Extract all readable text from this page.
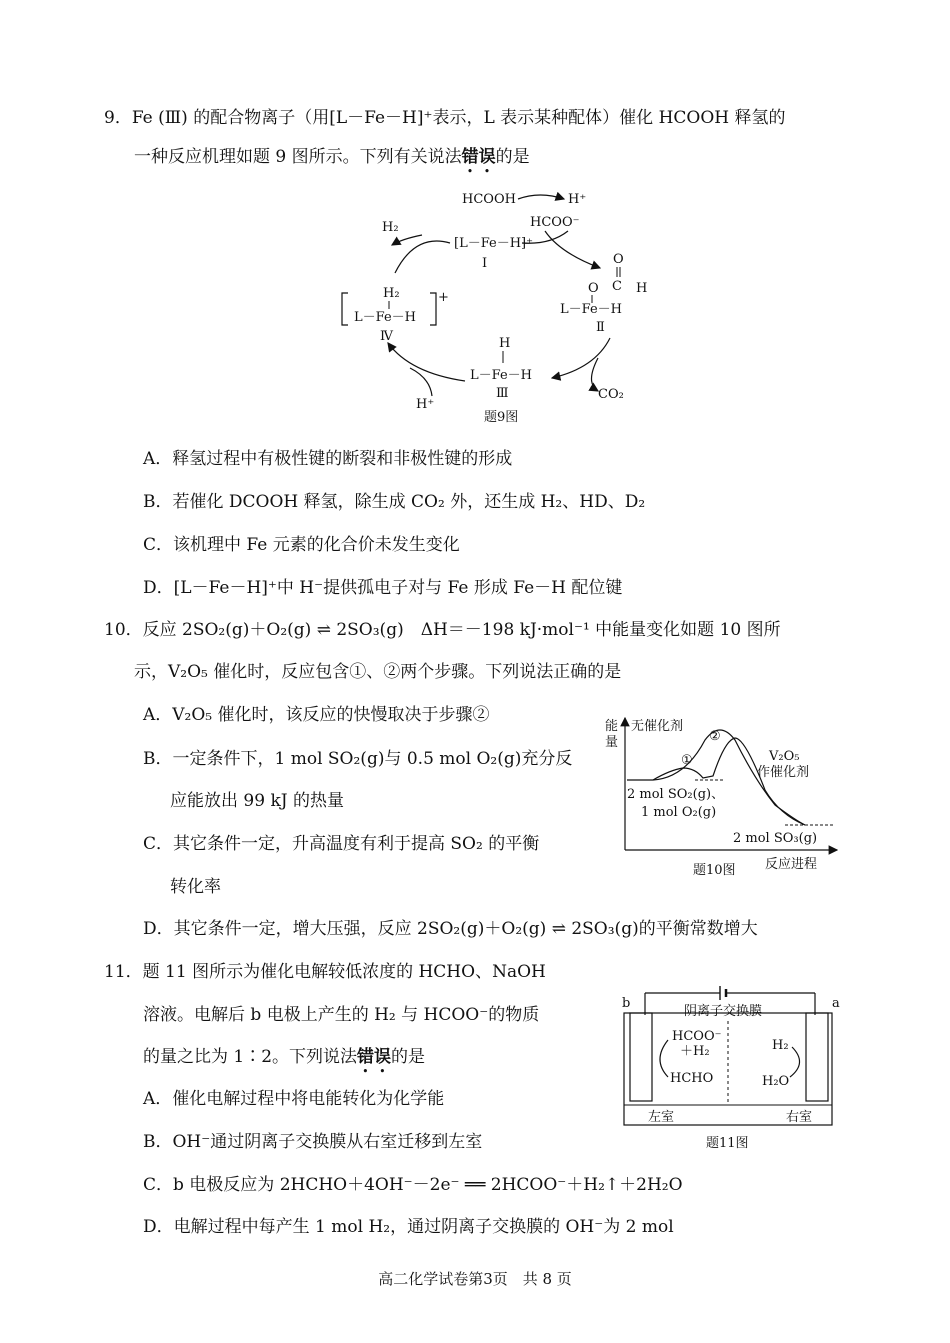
9．Fe (Ⅲ) 的配合物离子（用[L－Fe－H]⁺表示，L 表示某种配体）催化 HCOOH 释氢的
一种反应机理如题 9 图所示。下列有关说法错误的是
HCOOH	H⁺
HCOO⁻
H₂
[L－Fe－H]⁺
Ⅰ	O
C H
O
L－Fe－H
Ⅱ
CO₂
H₂
L－Fe－H
+
Ⅳ
H⁺
H
L－Fe－H
Ⅲ
题9图
A．释氢过程中有极性键的断裂和非极性键的形成
B．若催化 DCOOH 释氢，除生成 CO₂ 外，还生成 H₂、HD、D₂
C．该机理中 Fe 元素的化合价未发生变化
D．[L－Fe－H]⁺中 H⁻提供孤电子对与 Fe 形成 Fe－H 配位键
10．反应 2SO₂(g)＋O₂(g) ⇌ 2SO₃(g)　ΔH＝－198 kJ·mol⁻¹ 中能量变化如题 10 图所
示，V₂O₅ 催化时，反应包含①、②两个步骤。下列说法正确的是
A．V₂O₅ 催化时，该反应的快慢取决于步骤②
B．一定条件下，1 mol SO₂(g)与 0.5 mol O₂(g)充分反
应能放出 99 kJ 的热量
C．其它条件一定，升高温度有利于提高 SO₂ 的平衡
转化率
D．其它条件一定，增大压强，反应 2SO₂(g)＋O₂(g) ⇌ 2SO₃(g)的平衡常数增大
能
量
无催化剂
①
②
V₂O₅
作催化剂
2 mol SO₂(g)、
1 mol O₂(g)
2 mol SO₃(g)
反应进程
题10图
11．题 11 图所示为催化电解较低浓度的 HCHO、NaOH
溶液。电解后 b 电极上产生的 H₂ 与 HCOO⁻的物质
的量之比为 1∶2。下列说法错误的是
A．催化电解过程中将电能转化为化学能
B．OH⁻通过阴离子交换膜从右室迁移到左室
C．b 电极反应为 2HCHO＋4OH⁻－2e⁻ ══ 2HCOO⁻＋H₂↑＋2H₂O
D．电解过程中每产生 1 mol H₂，通过阴离子交换膜的 OH⁻为 2 mol
b	a
阴离子交换膜
HCOO⁻
＋H₂
HCHO
H₂
H₂O
左室	右室
题11图
高二化学试卷第3页　共 8 页
